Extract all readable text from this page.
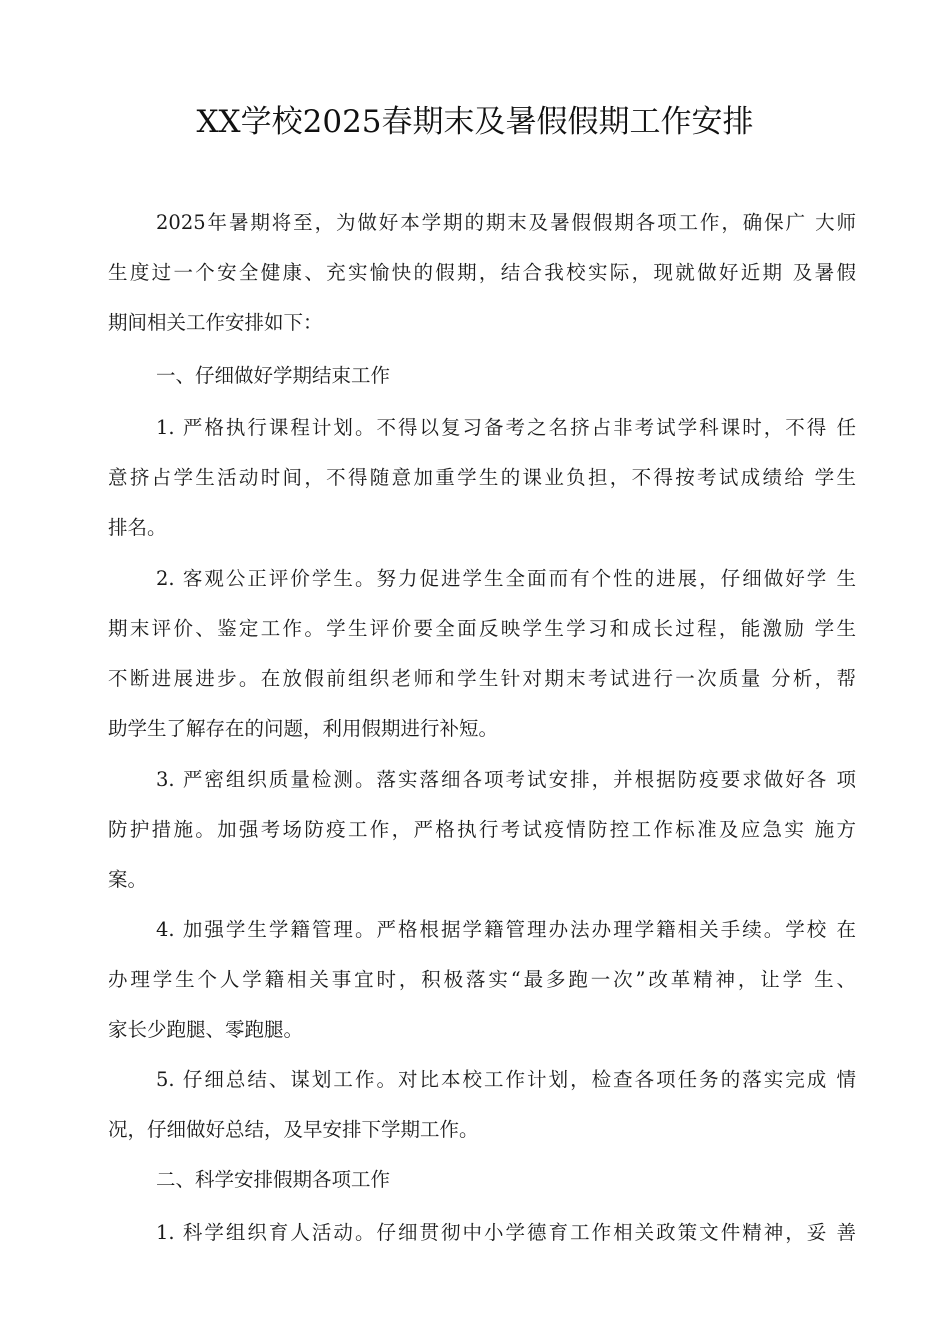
XX学校2025春期末及暑假假期工作安排

2025年暑期将至，为做好本学期的期末及暑假假期各项工作，确保广 大师

生度过一个安全健康、充实愉快的假期，结合我校实际，现就做好近期 及暑假

期间相关工作安排如下：

一、仔细做好学期结束工作

1. 严格执行课程计划。不得以复习备考之名挤占非考试学科课时，不得 任

意挤占学生活动时间，不得随意加重学生的课业负担，不得按考试成绩给 学生

排名。

2. 客观公正评价学生。努力促进学生全面而有个性的进展，仔细做好学 生

期末评价、鉴定工作。学生评价要全面反映学生学习和成长过程，能激励 学生

不断进展进步。在放假前组织老师和学生针对期末考试进行一次质量 分析，帮

助学生了解存在的问题，利用假期进行补短。

3. 严密组织质量检测。落实落细各项考试安排，并根据防疫要求做好各 项

防护措施。加强考场防疫工作，严格执行考试疫情防控工作标准及应急实 施方

案。

4. 加强学生学籍管理。严格根据学籍管理办法办理学籍相关手续。学校 在

办理学生个人学籍相关事宜时，积极落实“最多跑一次”改革精神，让学 生、

家长少跑腿、零跑腿。

5. 仔细总结、谋划工作。对比本校工作计划，检查各项任务的落实完成 情

况，仔细做好总结，及早安排下学期工作。

二、科学安排假期各项工作

1. 科学组织育人活动。仔细贯彻中小学德育工作相关政策文件精神，妥 善
